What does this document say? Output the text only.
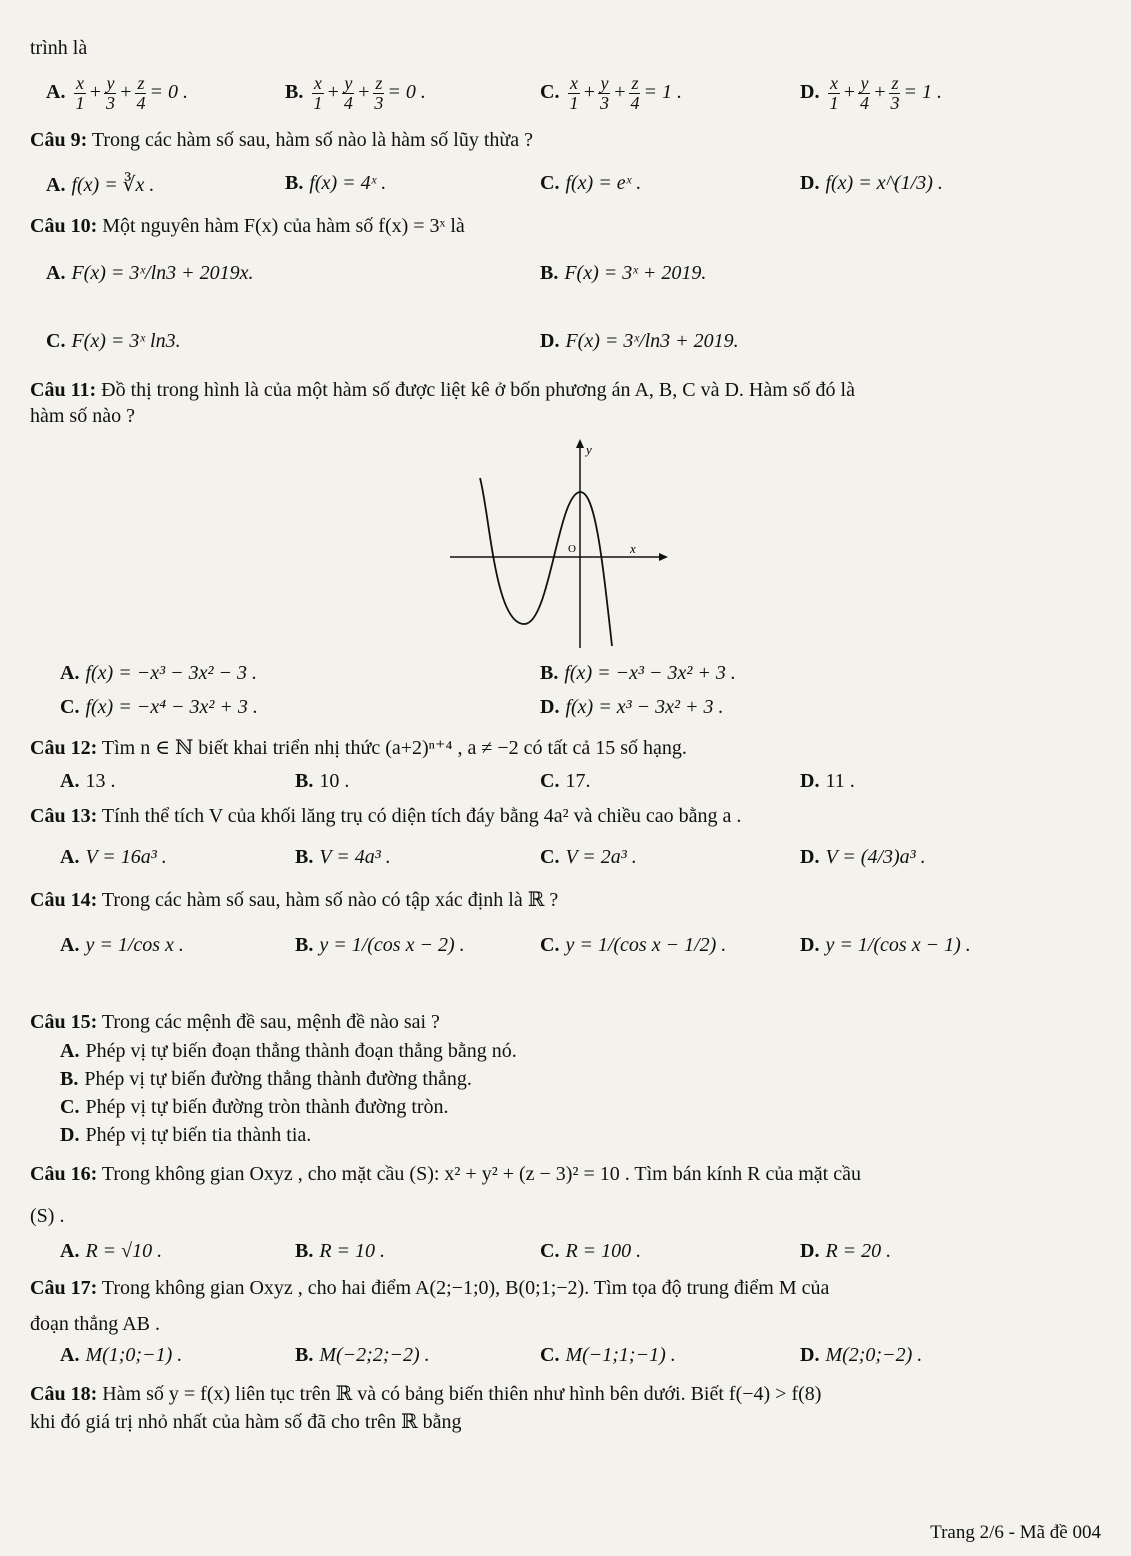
trình là
A. $\frac{x}{1} + \frac{y}{3} + \frac{z}{4} = 0$ .	B. $\frac{x}{1} + \frac{y}{4} + \frac{z}{3} = 0$ .	C. $\frac{x}{1} + \frac{y}{3} + \frac{z}{4} = 1$ .	D. $\frac{x}{1} + \frac{y}{4} + \frac{z}{3} = 1$ .
Câu 9: Trong các hàm số sau, hàm số nào là hàm số lũy thừa ?
A. f(x) = ∛x .	B. f(x) = 4ˣ .	C. f(x) = eˣ .	D. f(x) = x^(1/3) .
Câu 10: Một nguyên hàm F(x) của hàm số f(x) = 3ˣ là
A. F(x) = 3ˣ/ln3 + 2019x.	B. F(x) = 3ˣ + 2019.
C. F(x) = 3ˣ ln3.	D. F(x) = 3ˣ/ln3 + 2019.
Câu 11: Đồ thị trong hình là của một hàm số được liệt kê ở bốn phương án A, B, C và D. Hàm số đó là
hàm số nào ?
y
x
O
A. f(x) = −x³ − 3x² − 3 .	B. f(x) = −x³ − 3x² + 3 .
C. f(x) = −x⁴ − 3x² + 3 .	D. f(x) = x³ − 3x² + 3 .
Câu 12: Tìm n ∈ ℕ biết khai triển nhị thức (a+2)ⁿ⁺⁴ , a ≠ −2 có tất cả 15 số hạng.
A. 13 .	B. 10 .	C. 17.	D. 11 .
Câu 13: Tính thể tích V của khối lăng trụ có diện tích đáy bằng 4a² và chiều cao bằng a .
A. V = 16a³ .	B. V = 4a³ .	C. V = 2a³ .	D. V = (4/3)a³ .
Câu 14: Trong các hàm số sau, hàm số nào có tập xác định là ℝ ?
A. y = 1/cos x .	B. y = 1/(cos x − 2) .	C. y = 1/(cos x − 1/2) .	D. y = 1/(cos x − 1) .
Câu 15: Trong các mệnh đề sau, mệnh đề nào sai ?
A. Phép vị tự biến đoạn thẳng thành đoạn thẳng bằng nó.
B. Phép vị tự biến đường thẳng thành đường thẳng.
C. Phép vị tự biến đường tròn thành đường tròn.
D. Phép vị tự biến tia thành tia.
Câu 16: Trong không gian Oxyz , cho mặt cầu (S): x² + y² + (z − 3)² = 10 . Tìm bán kính R của mặt cầu
(S) .
A. R = √10 .	B. R = 10 .	C. R = 100 .	D. R = 20 .
Câu 17: Trong không gian Oxyz , cho hai điểm A(2;−1;0), B(0;1;−2). Tìm tọa độ trung điểm M của
đoạn thẳng AB .
A. M(1;0;−1) .	B. M(−2;2;−2) .	C. M(−1;1;−1) .	D. M(2;0;−2) .
Câu 18: Hàm số y = f(x) liên tục trên ℝ và có bảng biến thiên như hình bên dưới. Biết f(−4) > f(8)
khi đó giá trị nhỏ nhất của hàm số đã cho trên ℝ bằng
Trang 2/6 - Mã đề 004
